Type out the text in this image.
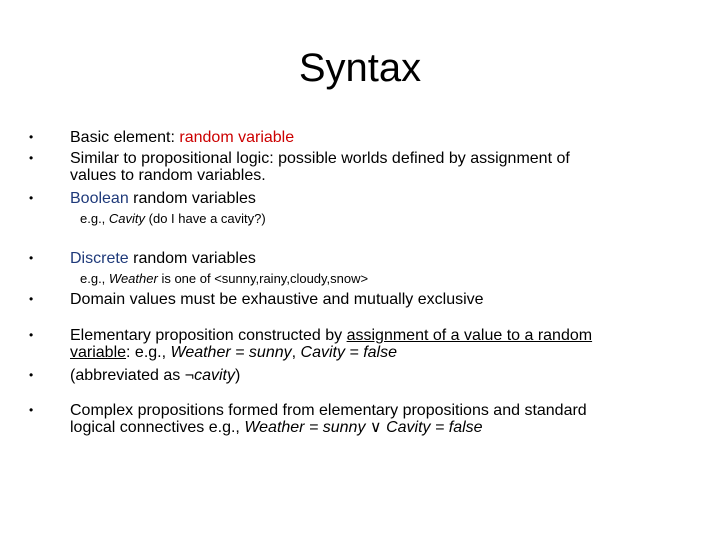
Syntax
•	Basic element: random variable
•	Similar to propositional logic: possible worlds defined by assignment of
values to random variables.
•	Boolean random variables
e.g., Cavity (do I have a cavity?)
•	Discrete random variables
e.g., Weather is one of <sunny,rainy,cloudy,snow>
•	Domain values must be exhaustive and mutually exclusive
•	Elementary proposition constructed by assignment of a value to a random
variable: e.g., Weather = sunny, Cavity = false
•	(abbreviated as ¬cavity)
•	Complex propositions formed from elementary propositions and standard
logical connectives e.g., Weather = sunny ∨ Cavity = false
